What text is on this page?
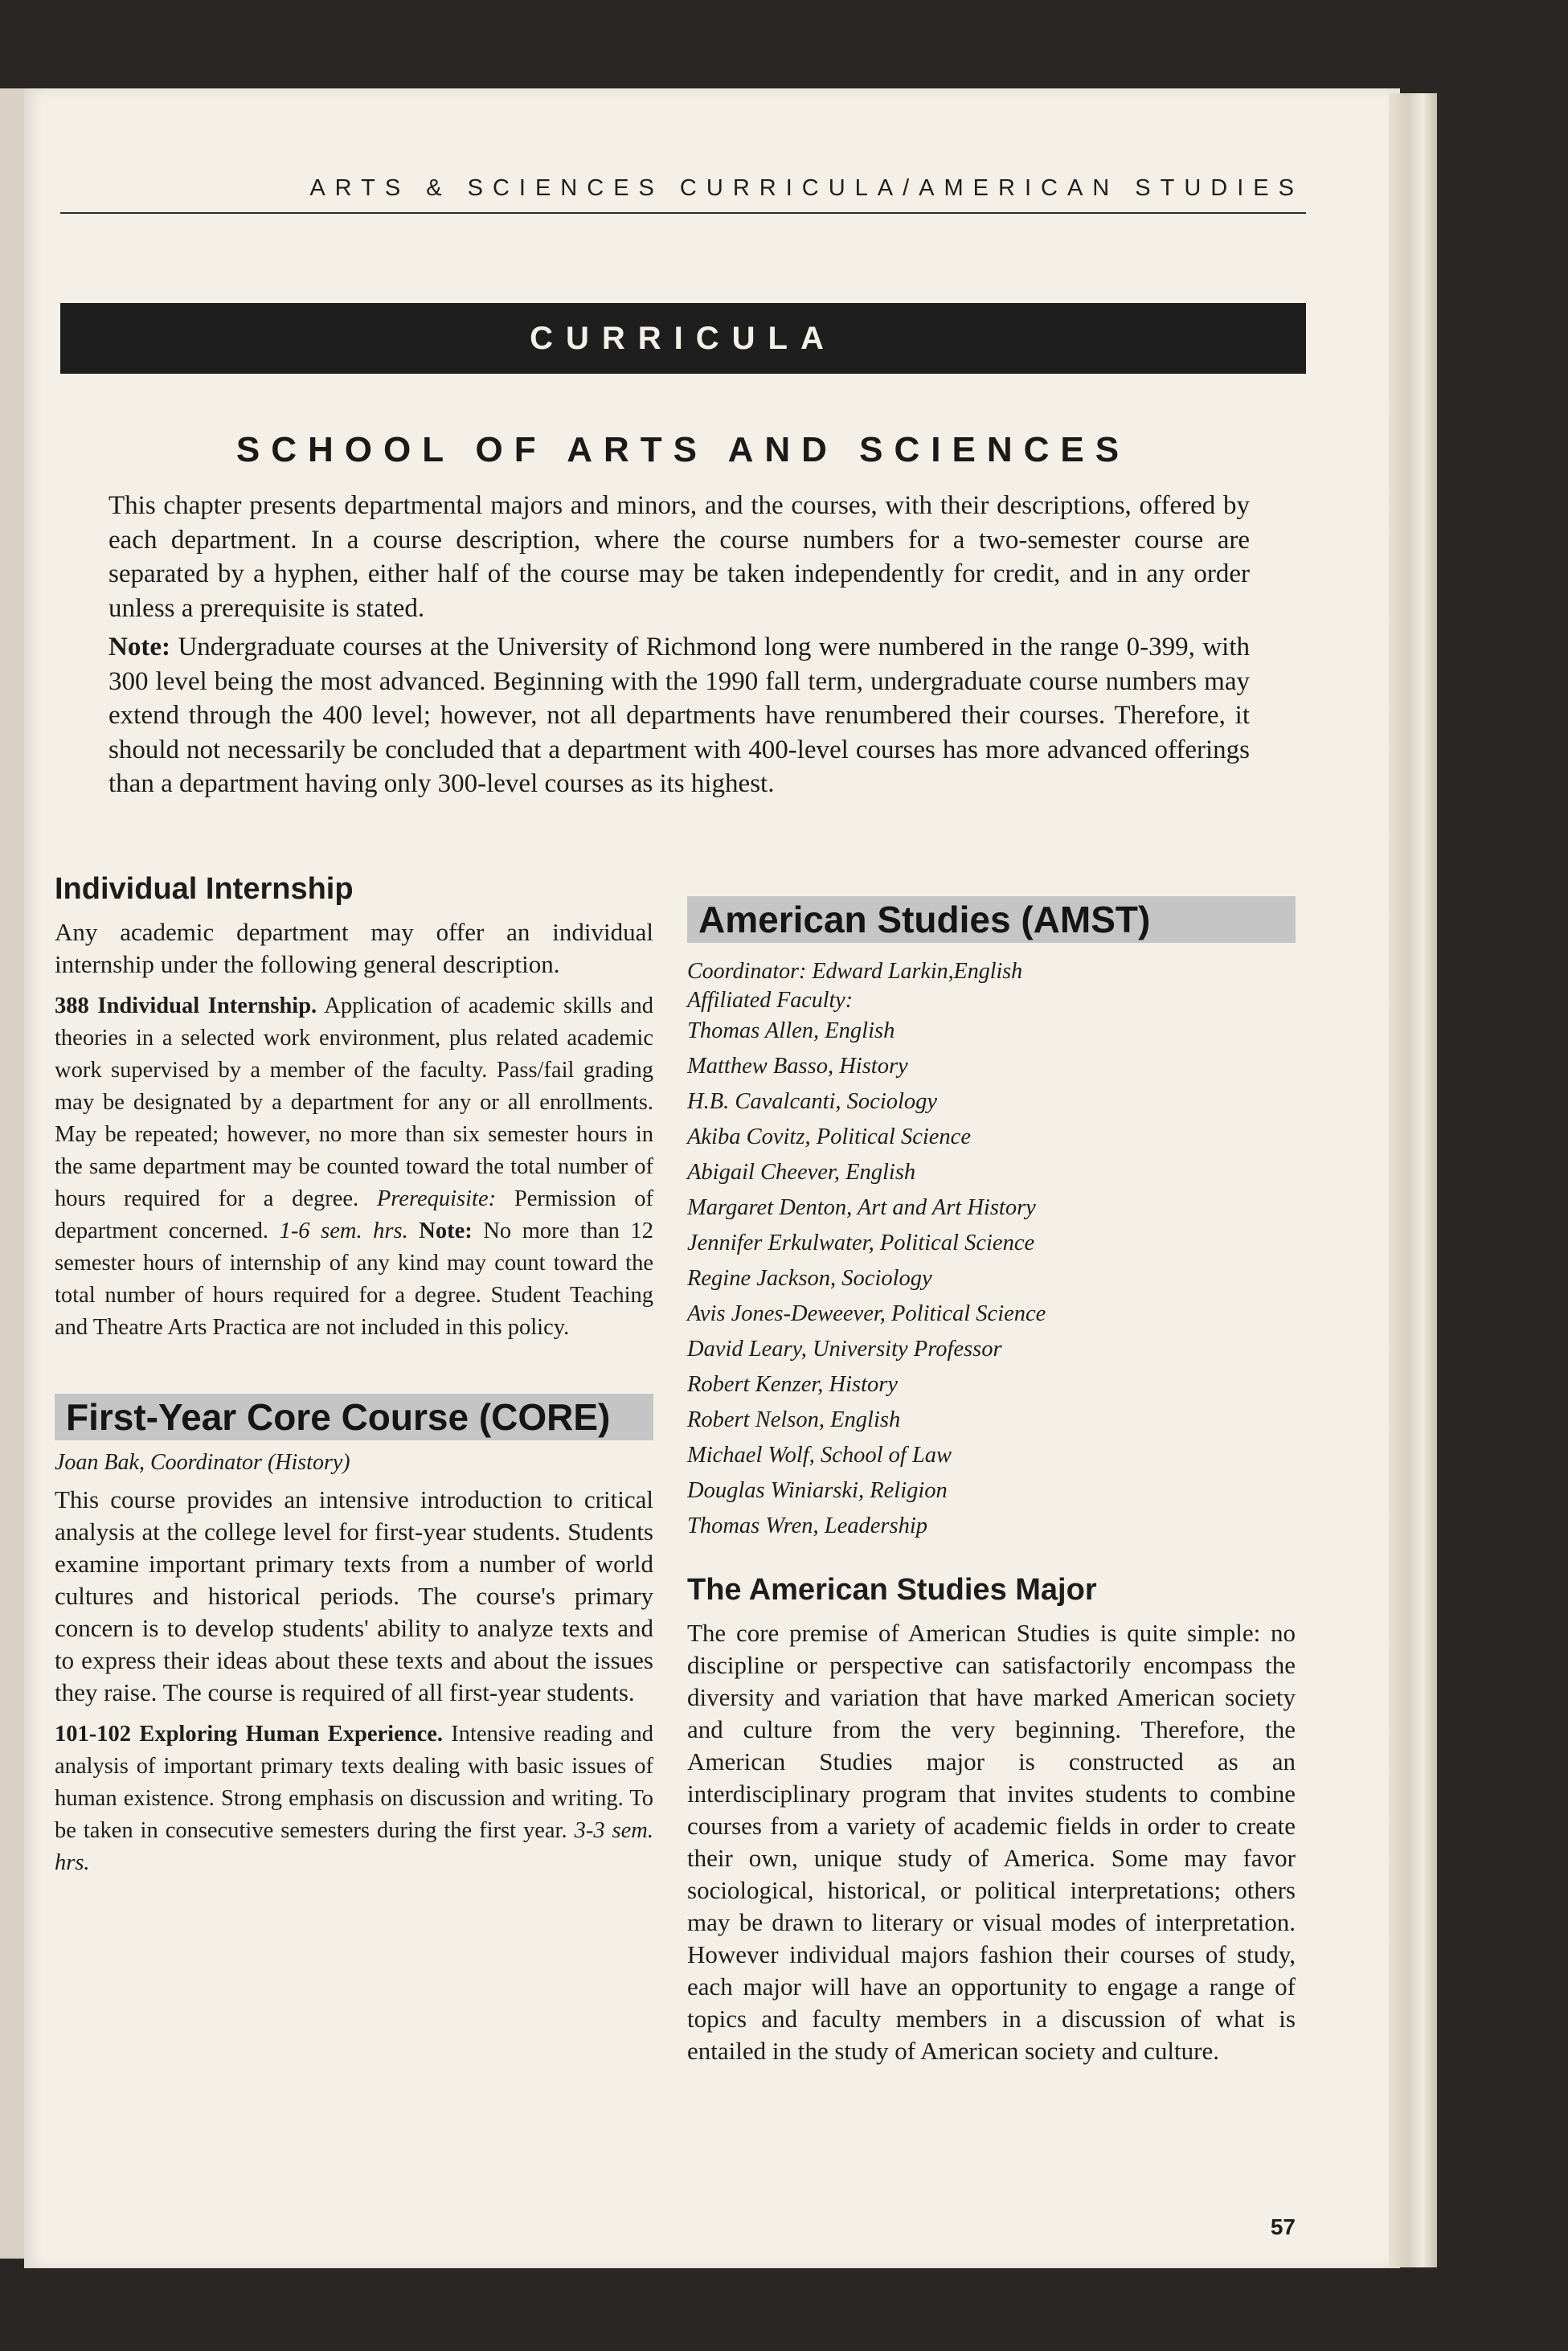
ARTS & SCIENCES CURRICULA/AMERICAN STUDIES
CURRICULA
SCHOOL OF ARTS AND SCIENCES

This chapter presents departmental majors and minors, and the courses, with their descriptions, offered by each department. In a course description, where the course numbers for a two-semester course are separated by a hyphen, either half of the course may be taken independently for credit, and in any order unless a prerequisite is stated.

Note: Undergraduate courses at the University of Richmond long were numbered in the range 0-399, with 300 level being the most advanced. Beginning with the 1990 fall term, undergraduate course numbers may extend through the 400 level; however, not all departments have renumbered their courses. Therefore, it should not necessarily be concluded that a department with 400-level courses has more advanced offerings than a department having only 300-level courses as its highest.

Individual Internship

Any academic department may offer an individual internship under the following general description.

388 Individual Internship. Application of academic skills and theories in a selected work environment, plus related academic work supervised by a member of the faculty. Pass/fail grading may be designated by a department for any or all enrollments. May be repeated; however, no more than six semester hours in the same department may be counted toward the total number of hours required for a degree. Prerequisite: Permission of department concerned. 1-6 sem. hrs. Note: No more than 12 semester hours of internship of any kind may count toward the total number of hours required for a degree. Student Teaching and Theatre Arts Practica are not included in this policy.

First-Year Core Course (CORE)
Joan Bak, Coordinator (History)

This course provides an intensive introduction to critical analysis at the college level for first-year students. Students examine important primary texts from a number of world cultures and historical periods. The course's primary concern is to develop students' ability to analyze texts and to express their ideas about these texts and about the issues they raise. The course is required of all first-year students.

101-102 Exploring Human Experience. Intensive reading and analysis of important primary texts dealing with basic issues of human existence. Strong emphasis on discussion and writing. To be taken in consecutive semesters during the first year. 3-3 sem. hrs.

American Studies (AMST)
Coordinator: Edward Larkin,English
Affiliated Faculty:
Thomas Allen, English
Matthew Basso, History
H.B. Cavalcanti, Sociology
Akiba Covitz, Political Science
Abigail Cheever, English
Margaret Denton, Art and Art History
Jennifer Erkulwater, Political Science
Regine Jackson, Sociology
Avis Jones-Deweever, Political Science
David Leary, University Professor
Robert Kenzer, History
Robert Nelson, English
Michael Wolf, School of Law
Douglas Winiarski, Religion
Thomas Wren, Leadership
The American Studies Major

The core premise of American Studies is quite simple: no discipline or perspective can satisfactorily encompass the diversity and variation that have marked American society and culture from the very beginning. Therefore, the American Studies major is constructed as an interdisciplinary program that invites students to combine courses from a variety of academic fields in order to create their own, unique study of America. Some may favor sociological, historical, or political interpretations; others may be drawn to literary or visual modes of interpretation. However individual majors fashion their courses of study, each major will have an opportunity to engage a range of topics and faculty members in a discussion of what is entailed in the study of American society and culture.

57
